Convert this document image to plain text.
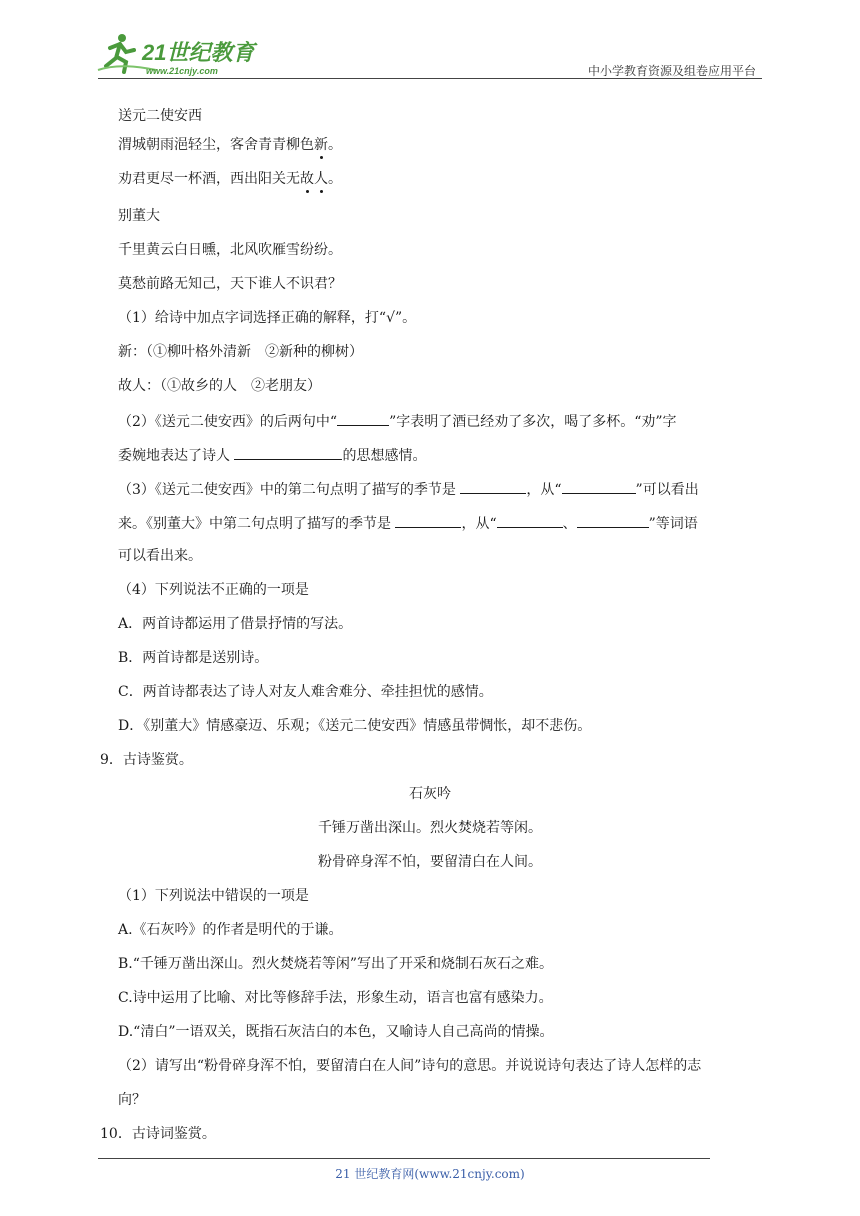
21世纪教育
www.21cnjy.com	中小学教育资源及组卷应用平台
送元二使安西
渭城朝雨浥轻尘，客舍青青柳色新。
劝君更尽一杯酒，西出阳关无故人。
别董大
千里黄云白日曛，北风吹雁雪纷纷。
莫愁前路无知己，天下谁人不识君？
（1）给诗中加点字词选择正确的解释，打“√”。
新：（①柳叶格外清新　②新种的柳树）
故人：（①故乡的人　②老朋友）
（2）《送元二使安西》的后两句中“	”字表明了酒已经劝了多次，喝了多杯。“劝”字
委婉地表达了诗人	的思想感情。
（3）《送元二使安西》中的第二句点明了描写的季节是	，从“	”可以看出
来。《别董大》中第二句点明了描写的季节是	，从“	、	”等词语
可以看出来。
（4）下列说法不正确的一项是
A．两首诗都运用了借景抒情的写法。
B．两首诗都是送别诗。
C．两首诗都表达了诗人对友人难舍难分、牵挂担忧的感情。
D．《别董大》情感豪迈、乐观；《送元二使安西》情感虽带惆怅，却不悲伤。
9．古诗鉴赏。
石灰吟
千锤万凿出深山。烈火焚烧若等闲。
粉骨碎身浑不怕，要留清白在人间。
（1）下列说法中错误的一项是
A.《石灰吟》的作者是明代的于谦。
B.“千锤万凿出深山。烈火焚烧若等闲”写出了开采和烧制石灰石之难。
C.诗中运用了比喻、对比等修辞手法，形象生动，语言也富有感染力。
D.“清白”一语双关，既指石灰洁白的本色，又喻诗人自己高尚的情操。
（2）请写出“粉骨碎身浑不怕，要留清白在人间”诗句的意思。并说说诗句表达了诗人怎样的志
向？
10．古诗词鉴赏。
21 世纪教育网(www.21cnjy.com)
